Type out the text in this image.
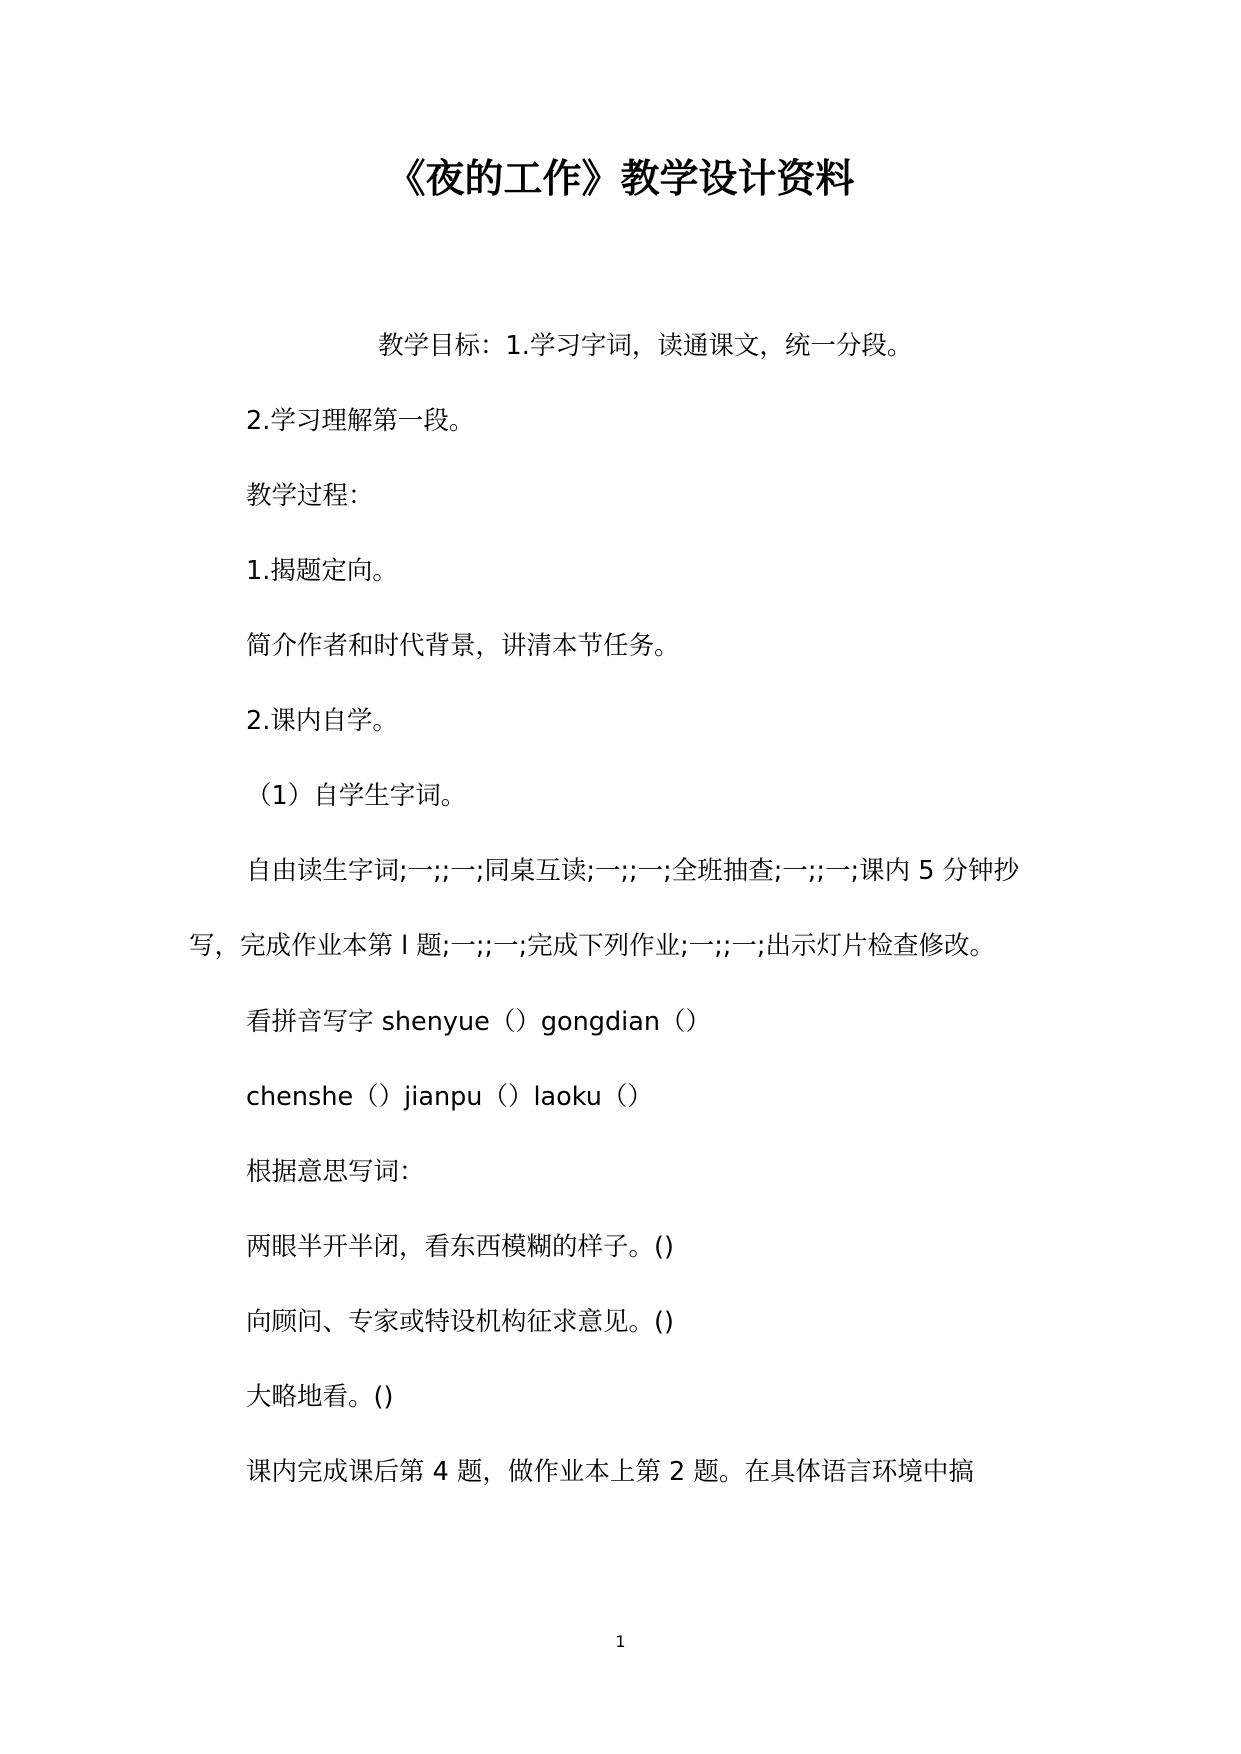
《夜的工作》教学设计资料

教学目标：1.学习字词，读通课文，统一分段。

2.学习理解第一段。

教学过程：

1.揭题定向。

简介作者和时代背景，讲清本节任务。

2.课内自学。

（1）自学生字词。

自由读生字词;一;;一;同桌互读;一;;一;全班抽查;一;;一;课内 5 分钟抄写，完成作业本第 l 题;一;;一;完成下列作业;一;;一;出示灯片检查修改。

看拼音写字 shenyue（）gongdian（）

chenshe（）jianpu（）laoku（）

根据意思写词：

两眼半开半闭，看东西模糊的样子。()

向顾问、专家或特设机构征求意见。()

大略地看。()

课内完成课后第 4 题，做作业本上第 2 题。在具体语言环境中搞

1
